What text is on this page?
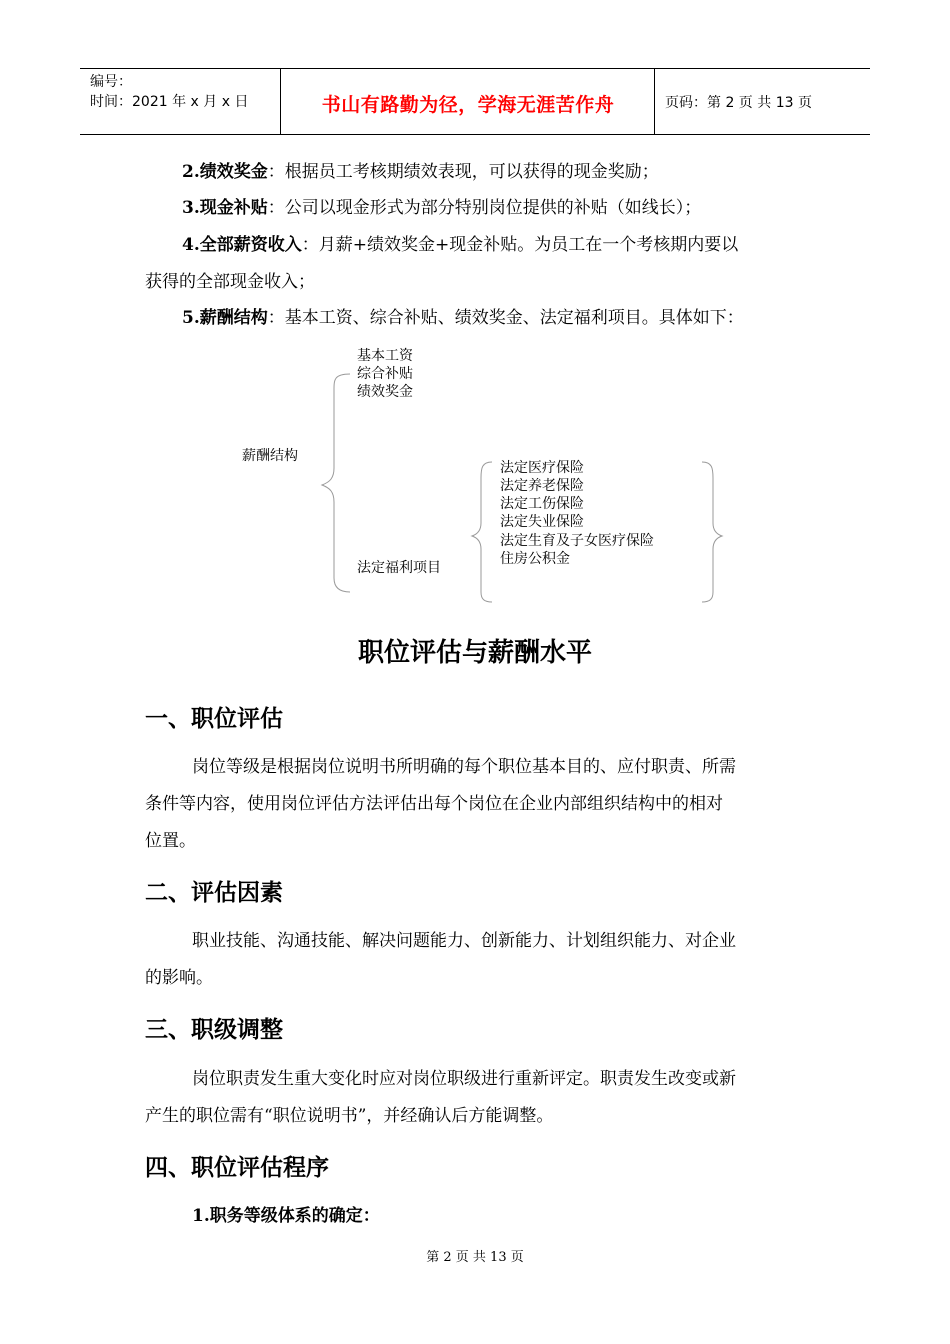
编号：
时间：2021 年 x 月 x 日	书山有路勤为径，学海无涯苦作舟	页码：第 2 页 共 13 页
2.绩效奖金：根据员工考核期绩效表现，可以获得的现金奖励；
3.现金补贴：公司以现金形式为部分特别岗位提供的补贴（如线长）；
4.全部薪资收入：月薪+绩效奖金+现金补贴。为员工在一个考核期内要以
获得的全部现金收入；
5.薪酬结构：基本工资、综合补贴、绩效奖金、法定福利项目。具体如下：
薪酬结构
基本工资
综合补贴
绩效奖金
法定福利项目
法定医疗保险
法定养老保险
法定工伤保险
法定失业保险
法定生育及子女医疗保险
住房公积金
职位评估与薪酬水平
一、职位评估
岗位等级是根据岗位说明书所明确的每个职位基本目的、应付职责、所需
条件等内容，使用岗位评估方法评估出每个岗位在企业内部组织结构中的相对
位置。
二、评估因素
职业技能、沟通技能、解决问题能力、创新能力、计划组织能力、对企业
的影响。
三、职级调整
岗位职责发生重大变化时应对岗位职级进行重新评定。职责发生改变或新
产生的职位需有“职位说明书”，并经确认后方能调整。
四、职位评估程序
1.职务等级体系的确定：
第 2 页 共 13 页
